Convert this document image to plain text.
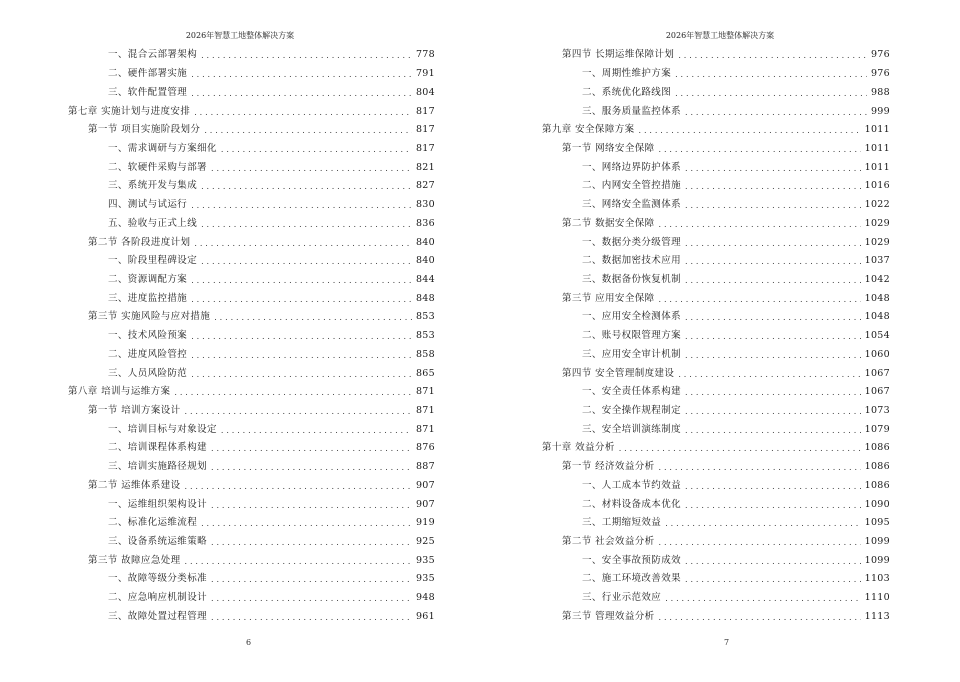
2026年智慧工地整体解决方案
一、混合云部署架构 .....	778
二、硬件部署实施 .....	791
三、软件配置管理 .....	804
第七章 实施计划与进度安排 .....	817
第一节 项目实施阶段划分 .....	817
一、需求调研与方案细化 .....	817
二、软硬件采购与部署 .....	821
三、系统开发与集成 .....	827
四、测试与试运行 .....	830
五、验收与正式上线 .....	836
第二节 各阶段进度计划 .....	840
一、阶段里程碑设定 .....	840
二、资源调配方案 .....	844
三、进度监控措施 .....	848
第三节 实施风险与应对措施 .....	853
一、技术风险预案 .....	853
二、进度风险管控 .....	858
三、人员风险防范 .....	865
第八章 培训与运维方案 .....	871
第一节 培训方案设计 .....	871
一、培训目标与对象设定 .....	871
二、培训课程体系构建 .....	876
三、培训实施路径规划 .....	887
第二节 运维体系建设 .....	907
一、运维组织架构设计 .....	907
二、标准化运维流程 .....	919
三、设备系统运维策略 .....	925
第三节 故障应急处理 .....	935
一、故障等级分类标准 .....	935
二、应急响应机制设计 .....	948
三、故障处置过程管理 .....	961
6
2026年智慧工地整体解决方案
第四节 长期运维保障计划 .....	976
一、周期性维护方案 .....	976
二、系统优化路线图 .....	988
三、服务质量监控体系 .....	999
第九章 安全保障方案 .....	1011
第一节 网络安全保障 .....	1011
一、网络边界防护体系 .....	1011
二、内网安全管控措施 .....	1016
三、网络安全监测体系 .....	1022
第二节 数据安全保障 .....	1029
一、数据分类分级管理 .....	1029
二、数据加密技术应用 .....	1037
三、数据备份恢复机制 .....	1042
第三节 应用安全保障 .....	1048
一、应用安全检测体系 .....	1048
二、账号权限管理方案 .....	1054
三、应用安全审计机制 .....	1060
第四节 安全管理制度建设 .....	1067
一、安全责任体系构建 .....	1067
二、安全操作规程制定 .....	1073
三、安全培训演练制度 .....	1079
第十章 效益分析 .....	1086
第一节 经济效益分析 .....	1086
一、人工成本节约效益 .....	1086
二、材料设备成本优化 .....	1090
三、工期缩短效益 .....	1095
第二节 社会效益分析 .....	1099
一、安全事故预防成效 .....	1099
二、施工环境改善效果 .....	1103
三、行业示范效应 .....	1110
第三节 管理效益分析 .....	1113
7
